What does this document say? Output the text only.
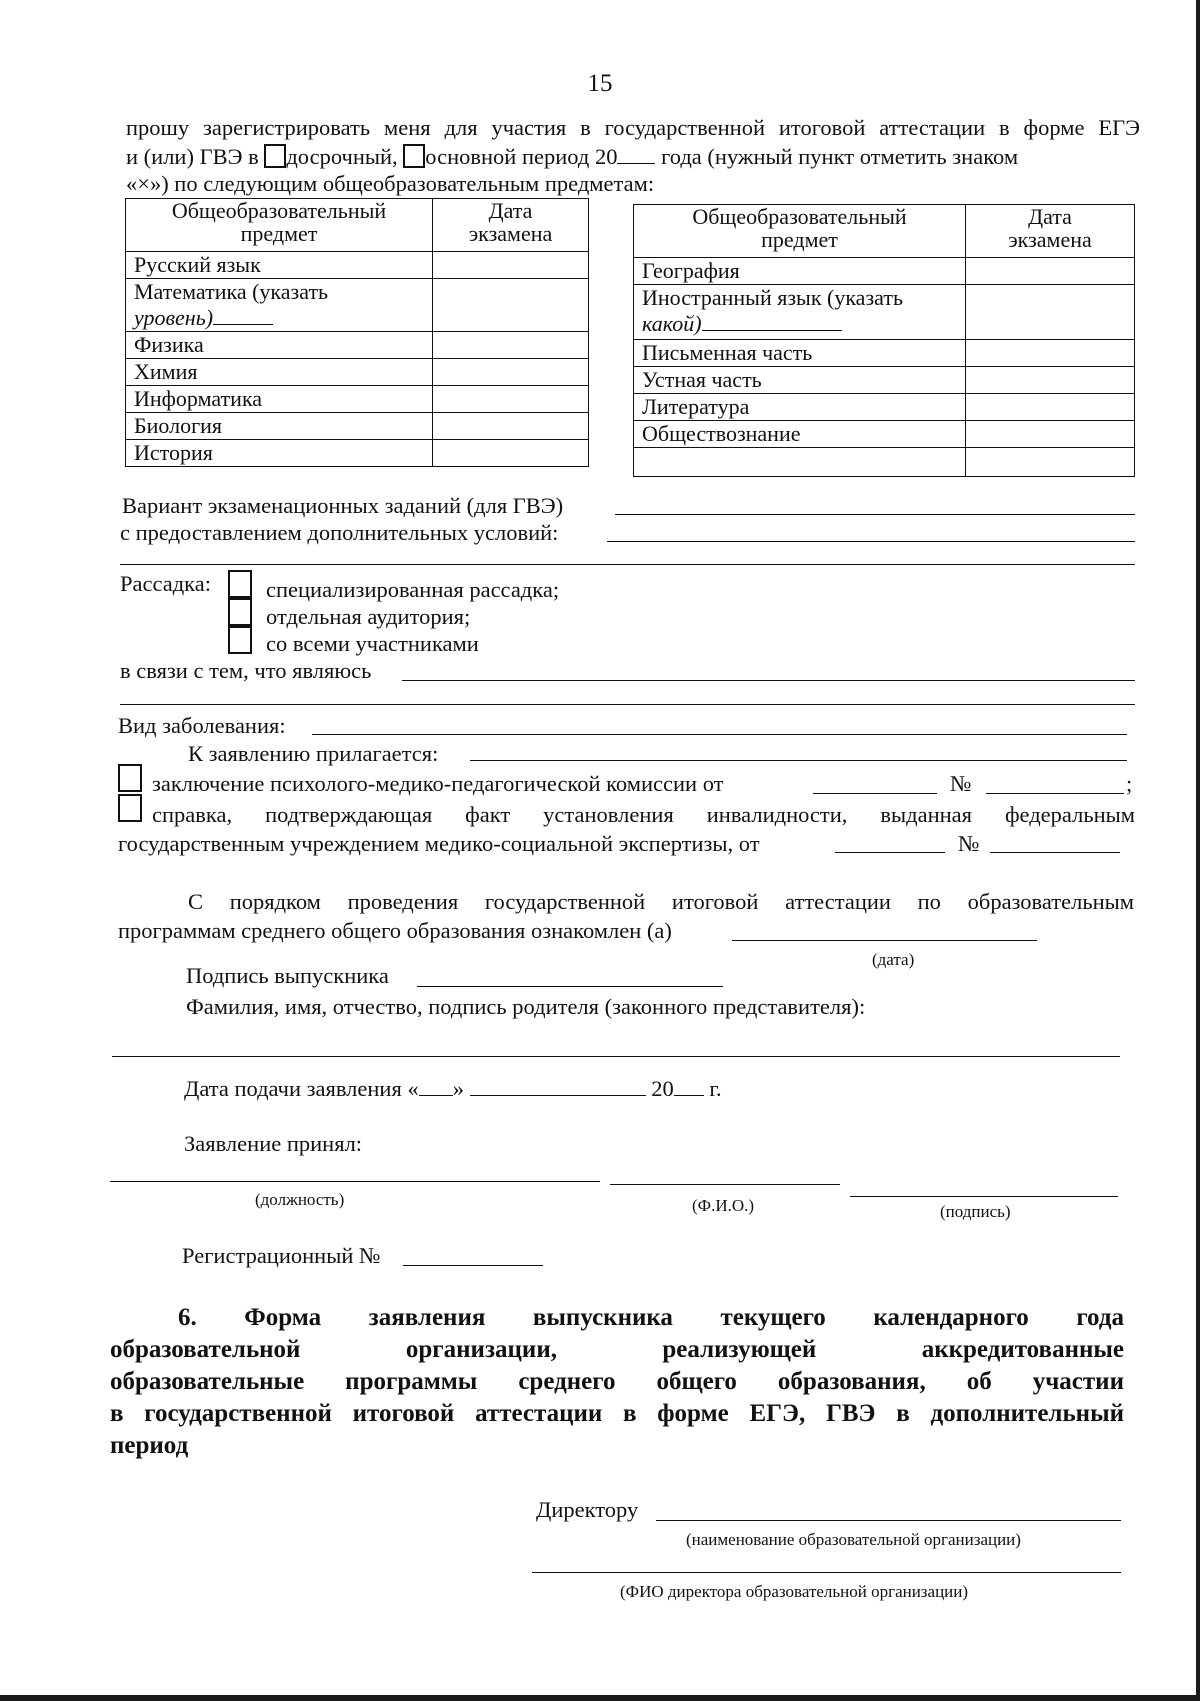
15
прошу зарегистрировать меня для участия в государственной итоговой аттестации в форме ЕГЭ
и (или) ГВЭ в досрочный, основной период 20 года (нужный пункт отметить знаком
«×») по следующим общеобразовательным предметам:
Общеобразовательный
предмет	Дата
экзамена

Русский язык	
Математика (указать
уровень)	
Физика	
Химия	
Информатика	
Биология	
История	
Общеобразовательный
предмет	Дата
экзамена

География	
Иностранный язык (указать
какой)	
Письменная часть	
Устная часть	
Литература	
Обществознание	

Вариант экзаменационных заданий (для ГВЭ)
с предоставлением дополнительных условий:
Рассадка: специализированная рассадка;
отдельная аудитория;
со всеми участниками
в связи с тем, что являюсь
Вид заболевания:
К заявлению прилагается:
заключение психолого-медико-педагогической комиссии от	№	;
справка, подтверждающая факт установления инвалидности, выданная федеральным
государственным учреждением медико-социальной экспертизы, от	№
С порядком проведения государственной итоговой аттестации по образовательным
программам среднего общего образования ознакомлен (а)
(дата)
Подпись выпускника
Фамилия, имя, отчество, подпись родителя (законного представителя):
Дата подачи заявления « »	20 г.
Заявление принял:
(должность)	(Ф.И.О.)	(подпись)
Регистрационный №
6. Форма заявления выпускника текущего календарного года
образовательной организации, реализующей аккредитованные
образовательные программы среднего общего образования, об участии
в государственной итоговой аттестации в форме ЕГЭ, ГВЭ в дополнительный
период
Директору
(наименование образовательной организации)
(ФИО директора образовательной организации)
